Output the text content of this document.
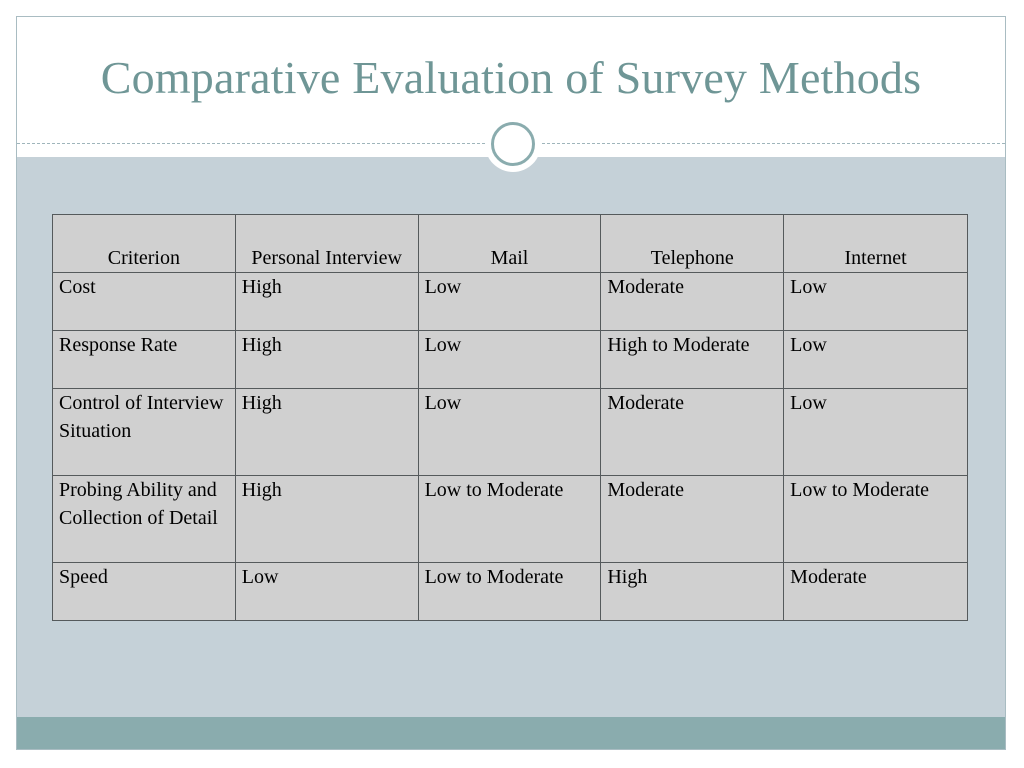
Comparative Evaluation of Survey Methods
Criterion	Personal Interview	Mail	Telephone	Internet
Cost	High	Low	Moderate	Low
Response Rate	High	Low	High to Moderate	Low
Control of Interview Situation	High	Low	Moderate	Low
Probing Ability and Collection of Detail	High	Low to Moderate	Moderate	Low to Moderate
Speed	Low	Low to Moderate	High	Moderate
